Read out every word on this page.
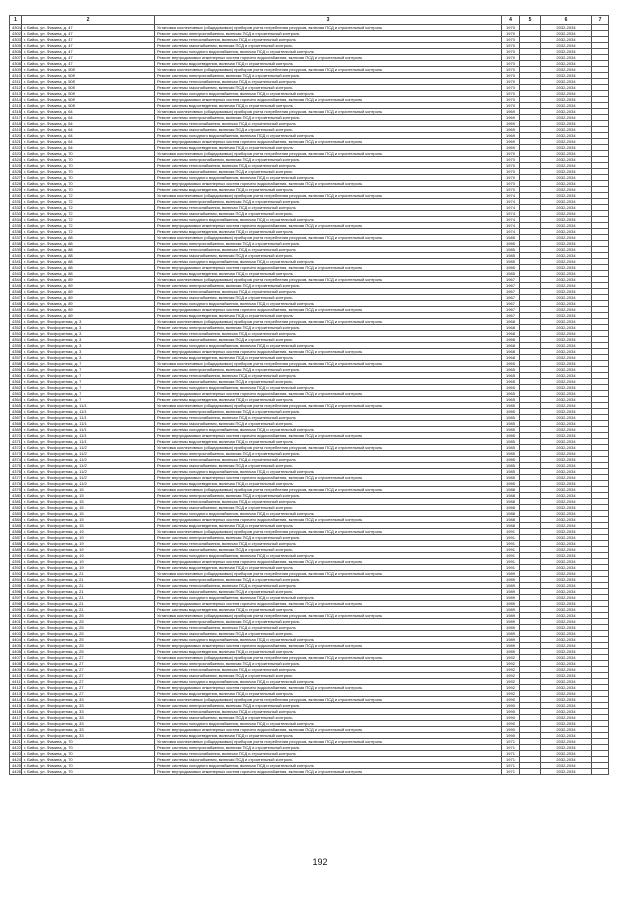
1	2	3	4	5	6	7
4304	г. Бийск, ул. Фомина, д. 47	Установка коллективных (общедомовых) приборов учета потребления ресурсов, включая ПСД и строительный контроль	1970		2032-2034	
4302	г. Бийск, ул. Фомина, д. 47	Ремонт системы электроснабжения, включая ПСД и строительный контроль	1970		2032-2034	
4303	г. Бийск, ул. Фомина, д. 47	Ремонт системы теплоснабжения, включая ПСД и строительный контроль	1970		2032-2034	
4305	г. Бийск, ул. Фомина, д. 47	Ремонт системы газоснабжения, включая ПСД и строительный контроль	1970		2032-2034	
4306	г. Бийск, ул. Фомина, д. 47	Ремонт системы холодного водоснабжения, включая ПСД и строительный контроль	1970		2032-2034	
4307	г. Бийск, ул. Фомина, д. 47	Ремонт внутридомовых инженерных систем горячего водоснабжения, включая ПСД и строительный контроль	1970		2032-2034	
4308	г. Бийск, ул. Фомина, д. 47	Ремонт системы водоотведения, включая ПСД и строительный контроль	1970		2032-2034	
4309	г. Бийск, ул. Фомина, д. 50б	Установка коллективных (общедомовых) приборов учета потребления ресурсов, включая ПСД и строительный контроль	1970		2032-2034	
4310	г. Бийск, ул. Фомина, д. 50б	Ремонт системы электроснабжения, включая ПСД и строительный контроль	1970		2032-2034	
4311	г. Бийск, ул. Фомина, д. 50б	Ремонт системы теплоснабжения, включая ПСД и строительный контроль	1970		2032-2034	
4312	г. Бийск, ул. Фомина, д. 50б	Ремонт системы газоснабжения, включая ПСД и строительный контроль	1970		2032-2034	
4313	г. Бийск, ул. Фомина, д. 50б	Ремонт системы холодного водоснабжения, включая ПСД и строительный контроль	1970		2032-2034	
4314	г. Бийск, ул. Фомина, д. 50б	Ремонт внутридомовых инженерных систем горячего водоснабжения, включая ПСД и строительный контроль	1970		2032-2034	
4315	г. Бийск, ул. Фомина, д. 50б	Ремонт системы водоотведения, включая ПСД и строительный контроль	1970		2032-2034	
4316	г. Бийск, ул. Фомина, д. 64	Установка коллективных (общедомовых) приборов учета потребления ресурсов, включая ПСД и строительный контроль	1969		2032-2034	
4317	г. Бийск, ул. Фомина, д. 64	Ремонт системы электроснабжения, включая ПСД и строительный контроль	1969		2032-2034	
4318	г. Бийск, ул. Фомина, д. 64	Ремонт системы теплоснабжения, включая ПСД и строительный контроль	1969		2032-2034	
4319	г. Бийск, ул. Фомина, д. 64	Ремонт системы газоснабжения, включая ПСД и строительный контроль	1969		2032-2034	
4320	г. Бийск, ул. Фомина, д. 64	Ремонт системы холодного водоснабжения, включая ПСД и строительный контроль	1969		2032-2034	
4321	г. Бийск, ул. Фомина, д. 64	Ремонт внутридомовых инженерных систем горячего водоснабжения, включая ПСД и строительный контроль	1969		2032-2034	
4322	г. Бийск, ул. Фомина, д. 64	Ремонт системы водоотведения, включая ПСД и строительный контроль	1969		2032-2034	
4323	г. Бийск, ул. Фомина, д. 70	Установка коллективных (общедомовых) приборов учета потребления ресурсов, включая ПСД и строительный контроль	1970		2032-2034	
4324	г. Бийск, ул. Фомина, д. 70	Ремонт системы электроснабжения, включая ПСД и строительный контроль	1970		2032-2034	
4325	г. Бийск, ул. Фомина, д. 70	Ремонт системы теплоснабжения, включая ПСД и строительный контроль	1970		2032-2034	
4326	г. Бийск, ул. Фомина, д. 70	Ремонт системы газоснабжения, включая ПСД и строительный контроль	1970		2032-2034	
4327	г. Бийск, ул. Фомина, д. 70	Ремонт системы холодного водоснабжения, включая ПСД и строительный контроль	1970		2032-2034	
4328	г. Бийск, ул. Фомина, д. 70	Ремонт внутридомовых инженерных систем горячего водоснабжения, включая ПСД и строительный контроль	1970		2032-2034	
4329	г. Бийск, ул. Фомина, д. 70	Ремонт системы водоотведения, включая ПСД и строительный контроль	1970		2032-2034	
4330	г. Бийск, ул. Фомина, д. 72	Установка коллективных (общедомовых) приборов учета потребления ресурсов, включая ПСД и строительный контроль	1974		2032-2034	
4331	г. Бийск, ул. Фомина, д. 72	Ремонт системы электроснабжения, включая ПСД и строительный контроль	1974		2032-2034	
4332	г. Бийск, ул. Фомина, д. 72	Ремонт системы теплоснабжения, включая ПСД и строительный контроль	1974		2032-2034	
4333	г. Бийск, ул. Фомина, д. 72	Ремонт системы газоснабжения, включая ПСД и строительный контроль	1974		2032-2034	
4334	г. Бийск, ул. Фомина, д. 72	Ремонт системы холодного водоснабжения, включая ПСД и строительный контроль	1974		2032-2034	
4335	г. Бийск, ул. Фомина, д. 72	Ремонт внутридомовых инженерных систем горячего водоснабжения, включая ПСД и строительный контроль	1974		2032-2034	
4336	г. Бийск, ул. Фомина, д. 72	Ремонт системы водоотведения, включая ПСД и строительный контроль	1974		2032-2034	
4337	г. Бийск, ул. Фомина, д. 88	Установка коллективных (общедомовых) приборов учета потребления ресурсов, включая ПСД и строительный контроль	1985		2032-2034	
4338	г. Бийск, ул. Фомина, д. 88	Ремонт системы электроснабжения, включая ПСД и строительный контроль	1985		2032-2034	
4339	г. Бийск, ул. Фомина, д. 88	Ремонт системы теплоснабжения, включая ПСД и строительный контроль	1985		2032-2034	
4340	г. Бийск, ул. Фомина, д. 88	Ремонт системы газоснабжения, включая ПСД и строительный контроль	1985		2032-2034	
4341	г. Бийск, ул. Фомина, д. 88	Ремонт системы холодного водоснабжения, включая ПСД и строительный контроль	1985		2032-2034	
4342	г. Бийск, ул. Фомина, д. 88	Ремонт внутридомовых инженерных систем горячего водоснабжения, включая ПСД и строительный контроль	1985		2032-2034	
4343	г. Бийск, ул. Фомина, д. 88	Ремонт системы водоотведения, включая ПСД и строительный контроль	1985		2032-2034	
4344	г. Бийск, ул. Фомина, д. 89	Установка коллективных (общедомовых) приборов учета потребления ресурсов, включая ПСД и строительный контроль	1967		2032-2034	
4345	г. Бийск, ул. Фомина, д. 89	Ремонт системы электроснабжения, включая ПСД и строительный контроль	1967		2032-2034	
4346	г. Бийск, ул. Фомина, д. 89	Ремонт системы теплоснабжения, включая ПСД и строительный контроль	1967		2032-2034	
4347	г. Бийск, ул. Фомина, д. 89	Ремонт системы газоснабжения, включая ПСД и строительный контроль	1967		2032-2034	
4348	г. Бийск, ул. Фомина, д. 89	Ремонт системы холодного водоснабжения, включая ПСД и строительный контроль	1967		2032-2034	
4349	г. Бийск, ул. Фомина, д. 89	Ремонт внутридомовых инженерных систем горячего водоснабжения, включая ПСД и строительный контроль	1967		2032-2034	
4350	г. Бийск, ул. Фомина, д. 89	Ремонт системы водоотведения, включая ПСД и строительный контроль	1967		2032-2034	
4351	г. Бийск, ул. Фосфоритная, д. 3	Установка коллективных (общедомовых) приборов учета потребления ресурсов, включая ПСД и строительный контроль	1968		2032-2034	
4352	г. Бийск, ул. Фосфоритная, д. 3	Ремонт системы электроснабжения, включая ПСД и строительный контроль	1968		2032-2034	
4353	г. Бийск, ул. Фосфоритная, д. 3	Ремонт системы теплоснабжения, включая ПСД и строительный контроль	1968		2032-2034	
4354	г. Бийск, ул. Фосфоритная, д. 3	Ремонт системы газоснабжения, включая ПСД и строительный контроль	1968		2032-2034	
4355	г. Бийск, ул. Фосфоритная, д. 3	Ремонт системы холодного водоснабжения, включая ПСД и строительный контроль	1968		2032-2034	
4356	г. Бийск, ул. Фосфоритная, д. 3	Ремонт внутридомовых инженерных систем горячего водоснабжения, включая ПСД и строительный контроль	1968		2032-2034	
4357	г. Бийск, ул. Фосфоритная, д. 3	Ремонт системы водоотведения, включая ПСД и строительный контроль	1968		2032-2034	
4358	г. Бийск, ул. Фосфоритная, д. 7	Установка коллективных (общедомовых) приборов учета потребления ресурсов, включая ПСД и строительный контроль	1965		2032-2034	
4359	г. Бийск, ул. Фосфоритная, д. 7	Ремонт системы электроснабжения, включая ПСД и строительный контроль	1965		2032-2034	
4360	г. Бийск, ул. Фосфоритная, д. 7	Ремонт системы теплоснабжения, включая ПСД и строительный контроль	1965		2032-2034	
4361	г. Бийск, ул. Фосфоритная, д. 7	Ремонт системы газоснабжения, включая ПСД и строительный контроль	1965		2032-2034	
4362	г. Бийск, ул. Фосфоритная, д. 7	Ремонт системы холодного водоснабжения, включая ПСД и строительный контроль	1965		2032-2034	
4363	г. Бийск, ул. Фосфоритная, д. 7	Ремонт внутридомовых инженерных систем горячего водоснабжения, включая ПСД и строительный контроль	1965		2032-2034	
4364	г. Бийск, ул. Фосфоритная, д. 7	Ремонт системы водоотведения, включая ПСД и строительный контроль	1965		2032-2034	
4365	г. Бийск, ул. Фосфоритная, д. 11/1	Установка коллективных (общедомовых) приборов учета потребления ресурсов, включая ПСД и строительный контроль	1985		2032-2034	
4366	г. Бийск, ул. Фосфоритная, д. 11/1	Ремонт системы электроснабжения, включая ПСД и строительный контроль	1985		2032-2034	
4367	г. Бийск, ул. Фосфоритная, д. 11/1	Ремонт системы теплоснабжения, включая ПСД и строительный контроль	1985		2032-2034	
4368	г. Бийск, ул. Фосфоритная, д. 11/1	Ремонт системы газоснабжения, включая ПСД и строительный контроль	1985		2032-2034	
4369	г. Бийск, ул. Фосфоритная, д. 11/1	Ремонт системы холодного водоснабжения, включая ПСД и строительный контроль	1985		2032-2034	
4370	г. Бийск, ул. Фосфоритная, д. 11/1	Ремонт внутридомовых инженерных систем горячего водоснабжения, включая ПСД и строительный контроль	1985		2032-2034	
4371	г. Бийск, ул. Фосфоритная, д. 11/1	Ремонт системы водоотведения, включая ПСД и строительный контроль	1985		2032-2034	
4372	г. Бийск, ул. Фосфоритная, д. 11/2	Установка коллективных (общедомовых) приборов учета потребления ресурсов, включая ПСД и строительный контроль	1985		2032-2034	
4373	г. Бийск, ул. Фосфоритная, д. 11/2	Ремонт системы электроснабжения, включая ПСД и строительный контроль	1985		2032-2034	
4374	г. Бийск, ул. Фосфоритная, д. 11/2	Ремонт системы теплоснабжения, включая ПСД и строительный контроль	1985		2032-2034	
4375	г. Бийск, ул. Фосфоритная, д. 11/2	Ремонт системы газоснабжения, включая ПСД и строительный контроль	1985		2032-2034	
4376	г. Бийск, ул. Фосфоритная, д. 11/2	Ремонт системы холодного водоснабжения, включая ПСД и строительный контроль	1985		2032-2034	
4377	г. Бийск, ул. Фосфоритная, д. 11/2	Ремонт внутридомовых инженерных систем горячего водоснабжения, включая ПСД и строительный контроль	1985		2032-2034	
4378	г. Бийск, ул. Фосфоритная, д. 11/2	Ремонт системы водоотведения, включая ПСД и строительный контроль	1985		2032-2034	
4379	г. Бийск, ул. Фосфоритная, д. 15	Установка коллективных (общедомовых) приборов учета потребления ресурсов, включая ПСД и строительный контроль	1988		2032-2034	
4380	г. Бийск, ул. Фосфоритная, д. 15	Ремонт системы электроснабжения, включая ПСД и строительный контроль	1988		2032-2034	
4381	г. Бийск, ул. Фосфоритная, д. 15	Ремонт системы теплоснабжения, включая ПСД и строительный контроль	1988		2032-2034	
4382	г. Бийск, ул. Фосфоритная, д. 15	Ремонт системы газоснабжения, включая ПСД и строительный контроль	1988		2032-2034	
4383	г. Бийск, ул. Фосфоритная, д. 15	Ремонт системы холодного водоснабжения, включая ПСД и строительный контроль	1988		2032-2034	
4384	г. Бийск, ул. Фосфоритная, д. 15	Ремонт внутридомовых инженерных систем горячего водоснабжения, включая ПСД и строительный контроль	1988		2032-2034	
4385	г. Бийск, ул. Фосфоритная, д. 15	Ремонт системы водоотведения, включая ПСД и строительный контроль	1988		2032-2034	
4386	г. Бийск, ул. Фосфоритная, д. 19	Установка коллективных (общедомовых) приборов учета потребления ресурсов, включая ПСД и строительный контроль	1991		2032-2034	
4387	г. Бийск, ул. Фосфоритная, д. 19	Ремонт системы электроснабжения, включая ПСД и строительный контроль	1991		2032-2034	
4388	г. Бийск, ул. Фосфоритная, д. 19	Ремонт системы теплоснабжения, включая ПСД и строительный контроль	1991		2032-2034	
4389	г. Бийск, ул. Фосфоритная, д. 19	Ремонт системы газоснабжения, включая ПСД и строительный контроль	1991		2032-2034	
4390	г. Бийск, ул. Фосфоритная, д. 19	Ремонт системы холодного водоснабжения, включая ПСД и строительный контроль	1991		2032-2034	
4391	г. Бийск, ул. Фосфоритная, д. 19	Ремонт внутридомовых инженерных систем горячего водоснабжения, включая ПСД и строительный контроль	1991		2032-2034	
4392	г. Бийск, ул. Фосфоритная, д. 19	Ремонт системы водоотведения, включая ПСД и строительный контроль	1991		2032-2034	
4393	г. Бийск, ул. Фосфоритная, д. 21	Установка коллективных (общедомовых) приборов учета потребления ресурсов, включая ПСД и строительный контроль	1989		2032-2034	
4394	г. Бийск, ул. Фосфоритная, д. 21	Ремонт системы электроснабжения, включая ПСД и строительный контроль	1989		2032-2034	
4395	г. Бийск, ул. Фосфоритная, д. 21	Ремонт системы теплоснабжения, включая ПСД и строительный контроль	1989		2032-2034	
4396	г. Бийск, ул. Фосфоритная, д. 21	Ремонт системы газоснабжения, включая ПСД и строительный контроль	1989		2032-2034	
4397	г. Бийск, ул. Фосфоритная, д. 21	Ремонт системы холодного водоснабжения, включая ПСД и строительный контроль	1989		2032-2034	
4398	г. Бийск, ул. Фосфоритная, д. 21	Ремонт внутридомовых инженерных систем горячего водоснабжения, включая ПСД и строительный контроль	1989		2032-2034	
4399	г. Бийск, ул. Фосфоритная, д. 21	Ремонт системы водоотведения, включая ПСД и строительный контроль	1989		2032-2034	
4400	г. Бийск, ул. Фосфоритная, д. 25	Установка коллективных (общедомовых) приборов учета потребления ресурсов, включая ПСД и строительный контроль	1989		2032-2034	
4401	г. Бийск, ул. Фосфоритная, д. 25	Ремонт системы электроснабжения, включая ПСД и строительный контроль	1989		2032-2034	
4402	г. Бийск, ул. Фосфоритная, д. 25	Ремонт системы теплоснабжения, включая ПСД и строительный контроль	1989		2032-2034	
4403	г. Бийск, ул. Фосфоритная, д. 25	Ремонт системы газоснабжения, включая ПСД и строительный контроль	1989		2032-2034	
4404	г. Бийск, ул. Фосфоритная, д. 25	Ремонт системы холодного водоснабжения, включая ПСД и строительный контроль	1989		2032-2034	
4405	г. Бийск, ул. Фосфоритная, д. 25	Ремонт внутридомовых инженерных систем горячего водоснабжения, включая ПСД и строительный контроль	1989		2032-2034	
4406	г. Бийск, ул. Фосфоритная, д. 25	Ремонт системы водоотведения, включая ПСД и строительный контроль	1989		2032-2034	
4407	г. Бийск, ул. Фосфоритная, д. 27	Установка коллективных (общедомовых) приборов учета потребления ресурсов, включая ПСД и строительный контроль	1992		2032-2034	
4408	г. Бийск, ул. Фосфоритная, д. 27	Ремонт системы электроснабжения, включая ПСД и строительный контроль	1992		2032-2034	
4409	г. Бийск, ул. Фосфоритная, д. 27	Ремонт системы теплоснабжения, включая ПСД и строительный контроль	1992		2032-2034	
4410	г. Бийск, ул. Фосфоритная, д. 27	Ремонт системы газоснабжения, включая ПСД и строительный контроль	1992		2032-2034	
4411	г. Бийск, ул. Фосфоритная, д. 27	Ремонт системы холодного водоснабжения, включая ПСД и строительный контроль	1992		2032-2034	
4412	г. Бийск, ул. Фосфоритная, д. 27	Ремонт внутридомовых инженерных систем горячего водоснабжения, включая ПСД и строительный контроль	1992		2032-2034	
4413	г. Бийск, ул. Фосфоритная, д. 27	Ремонт системы водоотведения, включая ПСД и строительный контроль	1992		2032-2034	
4414	г. Бийск, ул. Фосфоритная, д. 33	Установка коллективных (общедомовых) приборов учета потребления ресурсов, включая ПСД и строительный контроль	1990		2032-2034	
4415	г. Бийск, ул. Фосфоритная, д. 33	Ремонт системы электроснабжения, включая ПСД и строительный контроль	1990		2032-2034	
4416	г. Бийск, ул. Фосфоритная, д. 33	Ремонт системы теплоснабжения, включая ПСД и строительный контроль	1990		2032-2034	
4417	г. Бийск, ул. Фосфоритная, д. 33	Ремонт системы газоснабжения, включая ПСД и строительный контроль	1990		2032-2034	
4418	г. Бийск, ул. Фосфоритная, д. 33	Ремонт системы холодного водоснабжения, включая ПСД и строительный контроль	1990		2032-2034	
4419	г. Бийск, ул. Фосфоритная, д. 33	Ремонт внутридомовых инженерных систем горячего водоснабжения, включая ПСД и строительный контроль	1990		2032-2034	
4420	г. Бийск, ул. Фосфоритная, д. 33	Ремонт системы водоотведения, включая ПСД и строительный контроль	1990		2032-2034	
4421	г. Бийск, ул. Фомина, д. 70	Установка коллективных (общедомовых) приборов учета потребления ресурсов, включая ПСД и строительный контроль	1971		2032-2034	
4422	г. Бийск, ул. Фомина, д. 70	Ремонт системы электроснабжения, включая ПСД и строительный контроль	1971		2032-2034	
4423	г. Бийск, ул. Фомина, д. 70	Ремонт системы теплоснабжения, включая ПСД и строительный контроль	1971		2032-2034	
4424	г. Бийск, ул. Фомина, д. 70	Ремонт системы газоснабжения, включая ПСД и строительный контроль	1971		2032-2034	
4425	г. Бийск, ул. Фомина, д. 70	Ремонт системы холодного водоснабжения, включая ПСД и строительный контроль	1971		2032-2034	
4426	г. Бийск, ул. Фомина, д. 70	Ремонт внутридомовых инженерных систем горячего водоснабжения, включая ПСД и строительный контроль	1971		2032-2034	
192
